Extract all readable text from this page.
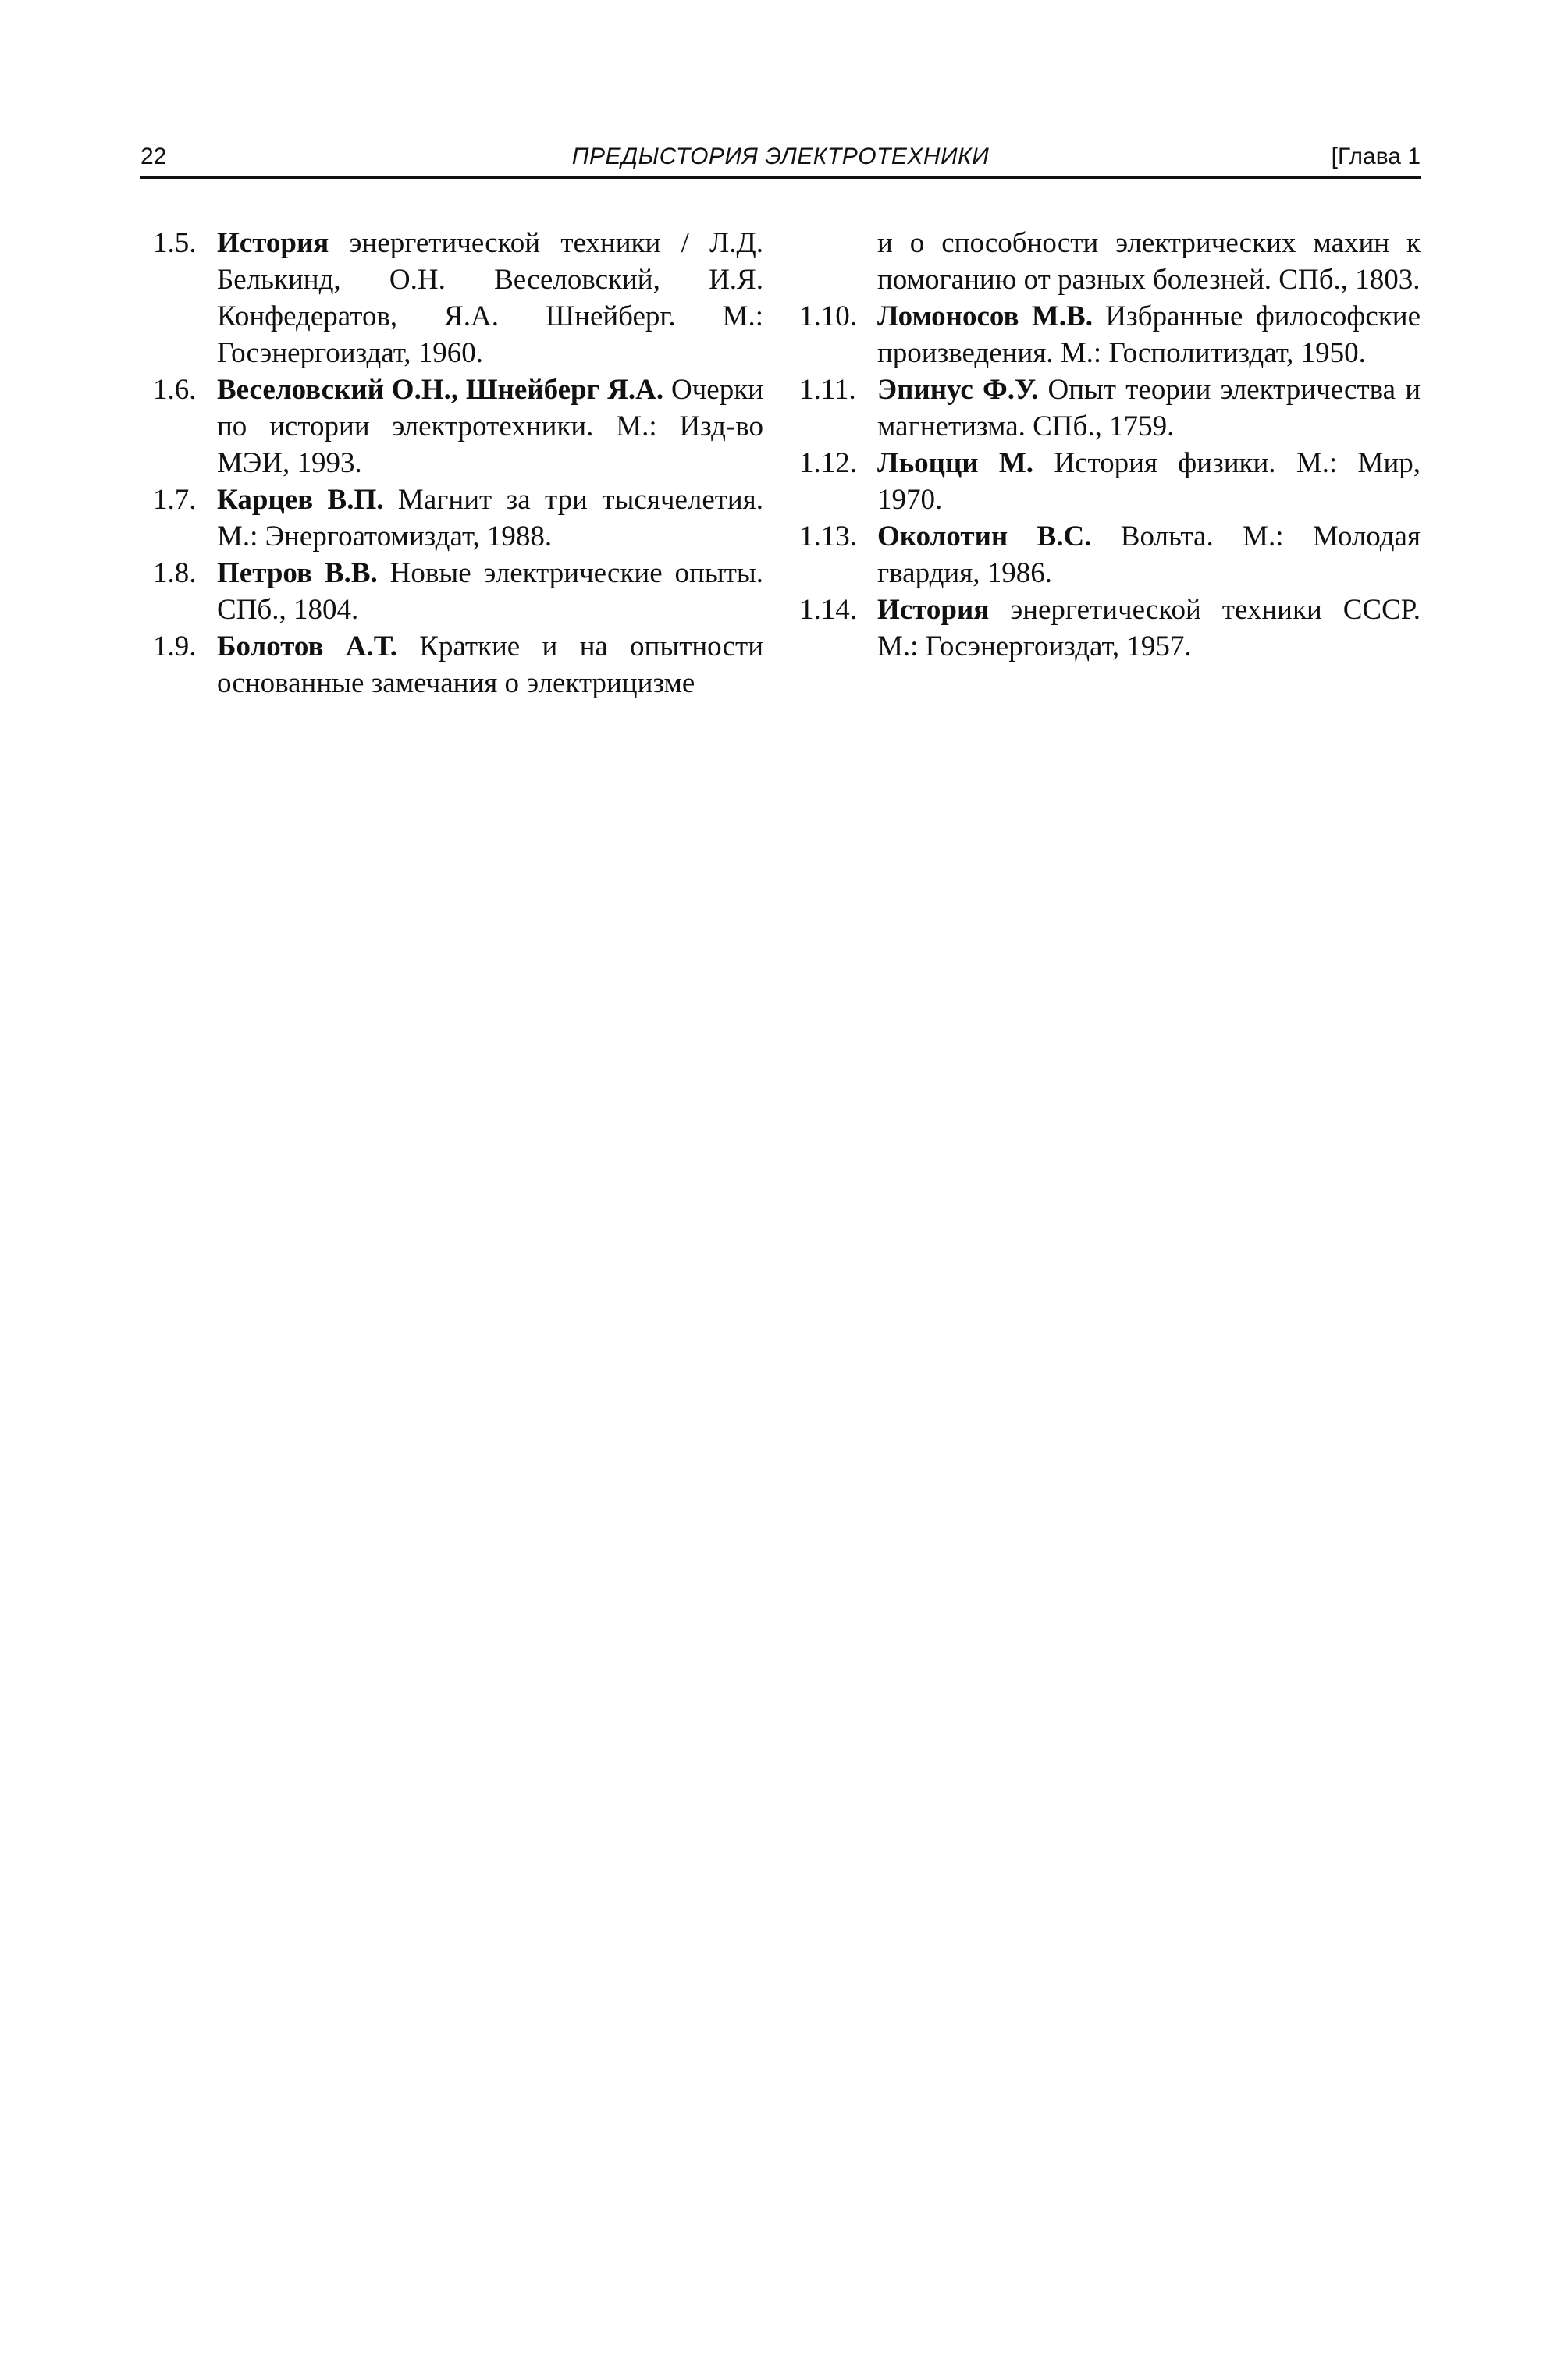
22	ПРЕДЫСТОРИЯ ЭЛЕКТРОТЕХНИКИ	[Глава 1
1.5. История энергетической техники / Л.Д. Белькинд, О.Н. Веселовский, И.Я. Конфедератов, Я.А. Шнейберг. М.: Госэнергоиздат, 1960.
1.6. Веселовский О.Н., Шнейберг Я.А. Очерки по истории электротехники. М.: Изд-во МЭИ, 1993.
1.7. Карцев В.П. Магнит за три тысячелетия. М.: Энергоатомиздат, 1988.
1.8. Петров В.В. Новые электрические опыты. СПб., 1804.
1.9. Болотов А.Т. Краткие и на опытности основанные замечания о электрицизме
и о способности электрических махин к помоганию от разных болезней. СПб., 1803.
1.10. Ломоносов М.В. Избранные философские произведения. М.: Госполитиздат, 1950.
1.11. Эпинус Ф.У. Опыт теории электричества и магнетизма. СПб., 1759.
1.12. Льоцци М. История физики. М.: Мир, 1970.
1.13. Околотин В.С. Вольта. М.: Молодая гвардия, 1986.
1.14. История энергетической техники СССР. М.: Госэнергоиздат, 1957.
